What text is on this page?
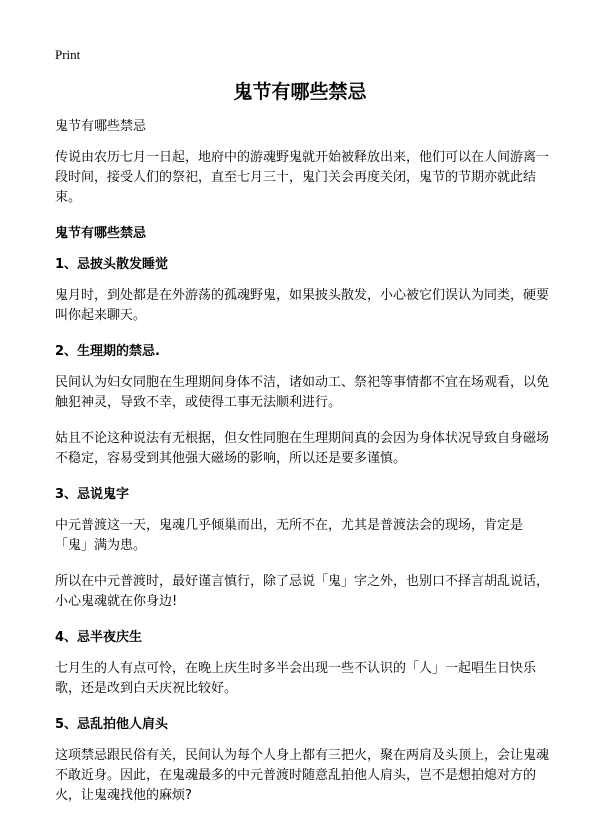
Print
鬼节有哪些禁忌

鬼节有哪些禁忌

传说由农历七月一日起，地府中的游魂野鬼就开始被释放出来，他们可以在人间游离一段时间，接受人们的祭祀，直至七月三十，鬼门关会再度关闭，鬼节的节期亦就此结束。

鬼节有哪些禁忌

1、忌披头散发睡觉

鬼月时，到处都是在外游荡的孤魂野鬼，如果披头散发，小心被它们误认为同类，硬要叫你起来聊天。

2、生理期的禁忌.

民间认为妇女同胞在生理期间身体不洁，诸如动工、祭祀等事情都不宜在场观看，以免触犯神灵，导致不幸，或使得工事无法顺利进行。

姑且不论这种说法有无根据，但女性同胞在生理期间真的会因为身体状况导致自身磁场不稳定，容易受到其他强大磁场的影响，所以还是要多谨慎。

3、忌说鬼字

中元普渡这一天，鬼魂几乎倾巢而出，无所不在，尤其是普渡法会的现场，肯定是「鬼」满为患。

所以在中元普渡时，最好谨言慎行，除了忌说「鬼」字之外，也别口不择言胡乱说话，小心鬼魂就在你身边!

4、忌半夜庆生

七月生的人有点可怜，在晚上庆生时多半会出现一些不认识的「人」一起唱生日快乐歌，还是改到白天庆祝比较好。

5、忌乱拍他人肩头

这项禁忌跟民俗有关，民间认为每个人身上都有三把火，聚在两肩及头顶上，会让鬼魂不敢近身。因此，在鬼魂最多的中元普渡时随意乱拍他人肩头，岂不是想拍熄对方的火，让鬼魂找他的麻烦?
